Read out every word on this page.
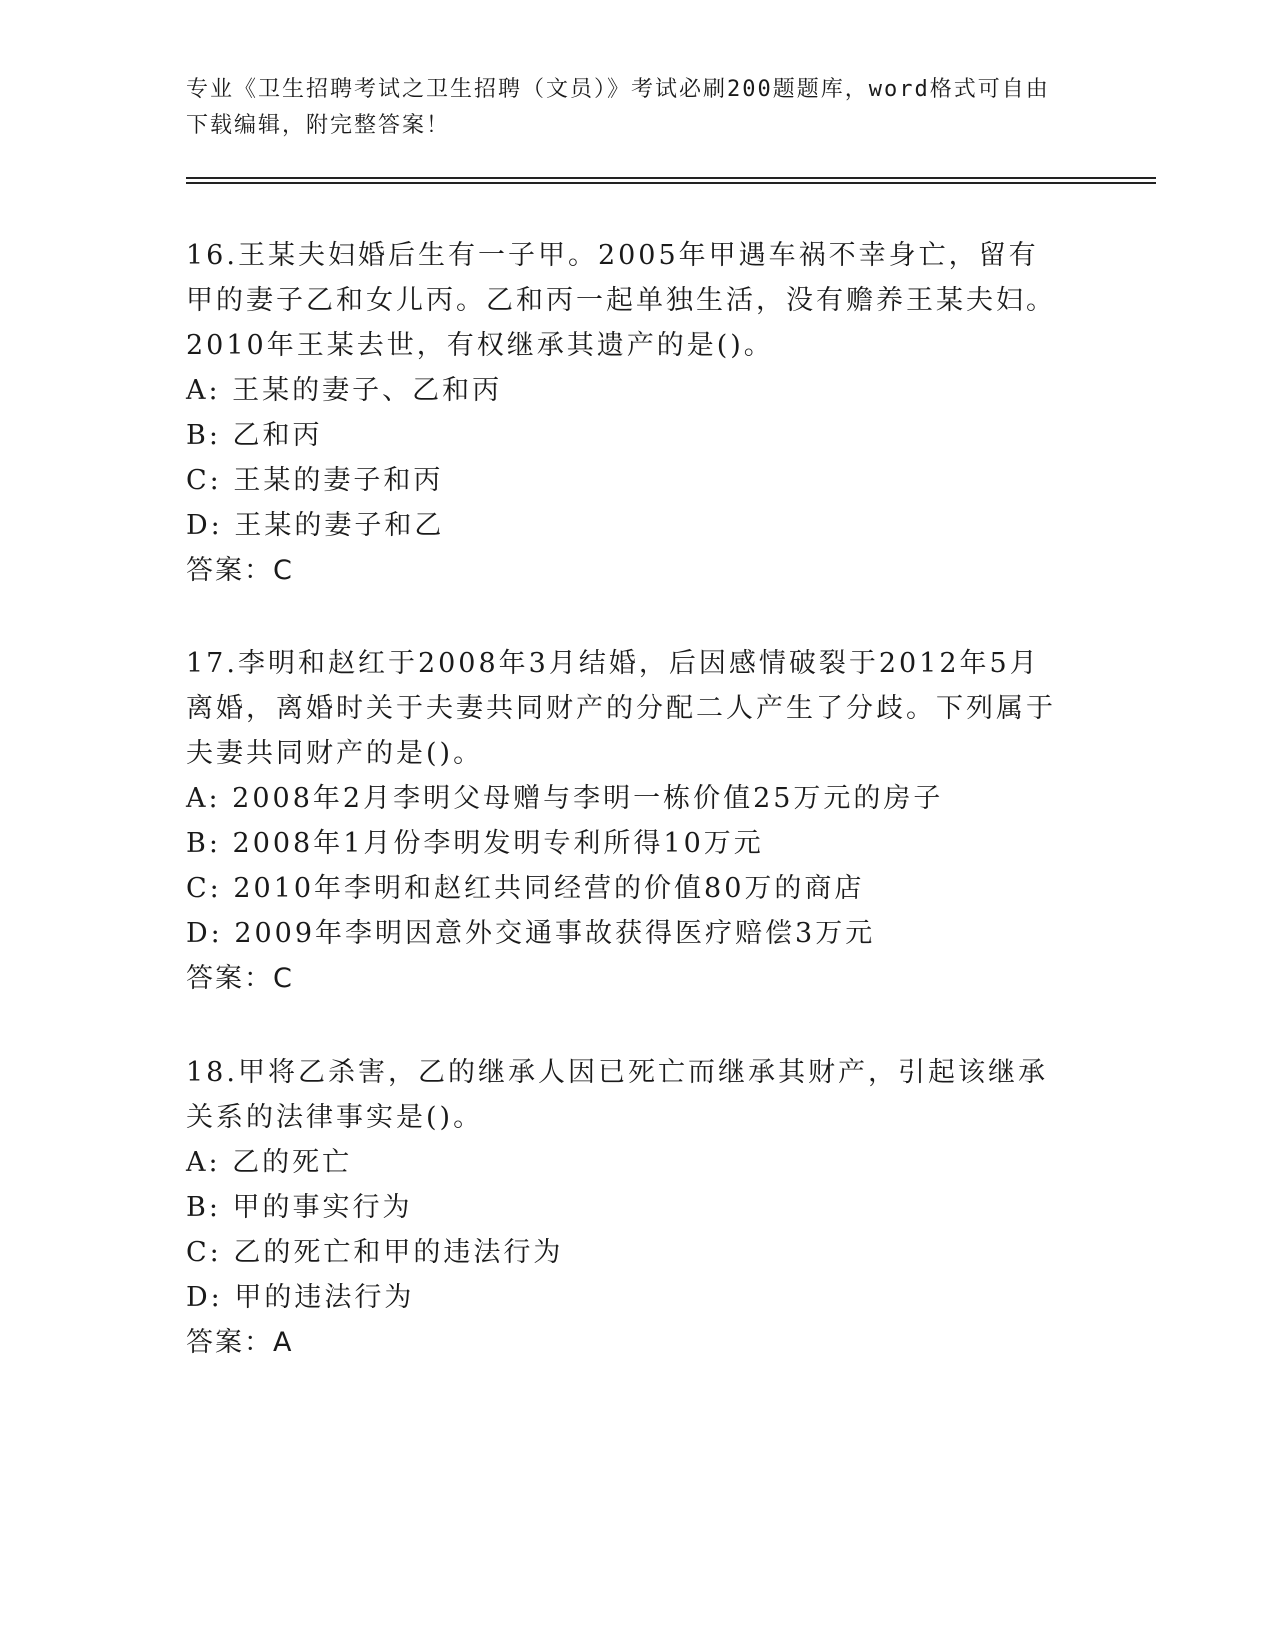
专业《卫生招聘考试之卫生招聘（文员）》考试必刷200题题库，word格式可自由下载编辑，附完整答案！

16.王某夫妇婚后生有一子甲。2005年甲遇车祸不幸身亡，留有甲的妻子乙和女儿丙。乙和丙一起单独生活，没有赡养王某夫妇。2010年王某去世，有权继承其遗产的是()。

A: 王某的妻子、乙和丙

B: 乙和丙

C: 王某的妻子和丙

D: 王某的妻子和乙

答案：C

17.李明和赵红于2008年3月结婚，后因感情破裂于2012年5月离婚，离婚时关于夫妻共同财产的分配二人产生了分歧。下列属于夫妻共同财产的是()。

A: 2008年2月李明父母赠与李明一栋价值25万元的房子

B: 2008年1月份李明发明专利所得10万元

C: 2010年李明和赵红共同经营的价值80万的商店

D: 2009年李明因意外交通事故获得医疗赔偿3万元

答案：C

18.甲将乙杀害，乙的继承人因已死亡而继承其财产，引起该继承关系的法律事实是()。

A: 乙的死亡

B: 甲的事实行为

C: 乙的死亡和甲的违法行为

D: 甲的违法行为

答案：A
